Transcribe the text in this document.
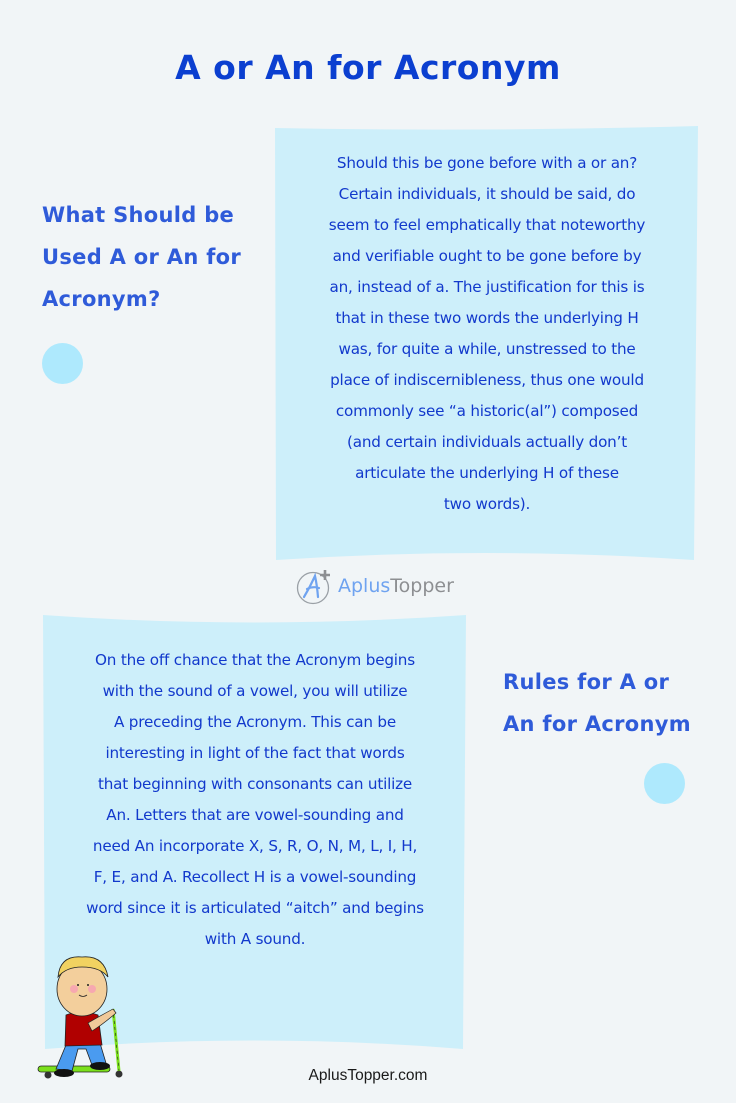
A or An for Acronym
What Should be
Used A or An for
Acronym?
Should this be gone before with a or an?
Certain individuals, it should be said, do
seem to feel emphatically that noteworthy
and verifiable ought to be gone before by
an, instead of a. The justification for this is
that in these two words the underlying H
was, for quite a while, unstressed to the
place of indiscernibleness, thus one would
commonly see “a historic(al”) composed
(and certain individuals actually don’t
articulate the underlying H of these
two words).
AplusTopper
On the off chance that the Acronym begins
with the sound of a vowel, you will utilize
A preceding the Acronym. This can be
interesting in light of the fact that words
that beginning with consonants can utilize
An. Letters that are vowel-sounding and
need An incorporate X, S, R, O, N, M, L, I, H,
F, E, and A. Recollect H is a vowel-sounding
word since it is articulated “aitch” and begins
with A sound.
Rules for A or
An for Acronym
AplusTopper.com
